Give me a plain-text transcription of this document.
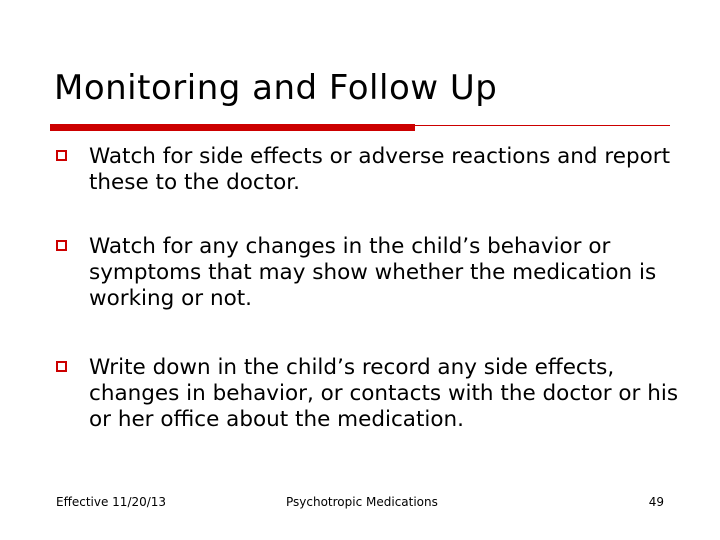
Monitoring and Follow Up

Watch for side effects or adverse reactions and report these to the doctor.

Watch for any changes in the child’s behavior or symptoms that may show whether the medication is working or not.

Write down in the child’s record any side effects, changes in behavior, or contacts with the doctor or his or her office about the medication.

Effective 11/20/13	Psychotropic Medications	49
